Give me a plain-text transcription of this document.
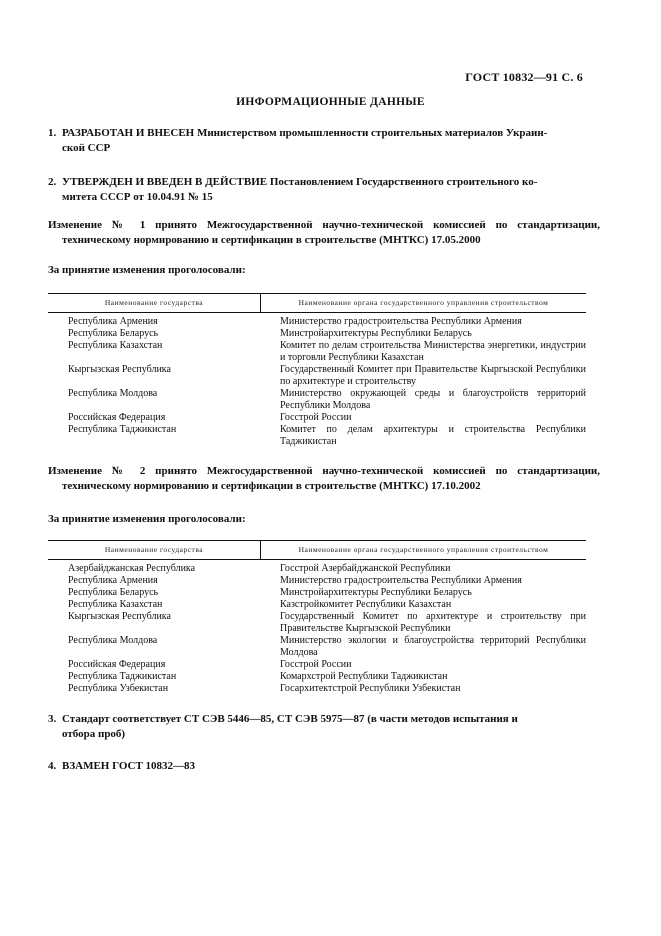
ГОСТ 10832—91 С. 6
ИНФОРМАЦИОННЫЕ ДАННЫЕ
1. РАЗРАБОТАН И ВНЕСЕН Министерством промышленности строительных материалов Украин-
ской ССР
2. УТВЕРЖДЕН И ВВЕДЕН В ДЕЙСТВИЕ Постановлением Государственного строительного ко-
митета СССР от 10.04.91 № 15
Изменение № 1 принято Межгосударственной научно-технической комиссией по стандартизации, техническому нормированию и сертификации в строительстве (МНТКС) 17.05.2000
За принятие изменения проголосовали:
Наименование государства	Наименование органа государственного управления строительством
Республика Армения	Министерство градостроительства Республики Армения
Республика Беларусь	Минстройархитектуры Республики Беларусь
Республика Казахстан	Комитет по делам строительства Министерства энергетики, индустрии и торговли Республики Казахстан
Кыргызская Республика	Государственный Комитет при Правительстве Кыргызской Республики по архитектуре и строительству
Республика Молдова	Министерство окружающей среды и благоустройств территорий Республики Молдова
Российская Федерация	Госстрой России
Республика Таджикистан	Комитет по делам архитектуры и строительства Республики Таджикистан
Изменение № 2 принято Межгосударственной научно-технической комиссией по стандартизации, техническому нормированию и сертификации в строительстве (МНТКС) 17.10.2002
За принятие изменения проголосовали:
Наименование государства	Наименование органа государственного управления строительством
Азербайджанская Республика	Госстрой Азербайджанской Республики
Республика Армения	Министерство градостроительства Республики Армения
Республика Беларусь	Минстройархитектуры Республики Беларусь
Республика Казахстан	Казстройкомитет Республики Казахстан
Кыргызская Республика	Государственный Комитет по архитектуре и строительству при Правительстве Кыргызской Республики
Республика Молдова	Министерство экологии и благоустройства территорий Республики Молдова
Российская Федерация	Госстрой России
Республика Таджикистан	Комархстрой Республики Таджикистан
Республика Узбекистан	Госархитектстрой Республики Узбекистан
3. Стандарт соответствует СТ СЭВ 5446—85, СТ СЭВ 5975—87 (в части методов испытания и
отбора проб)
4. ВЗАМЕН ГОСТ 10832—83
